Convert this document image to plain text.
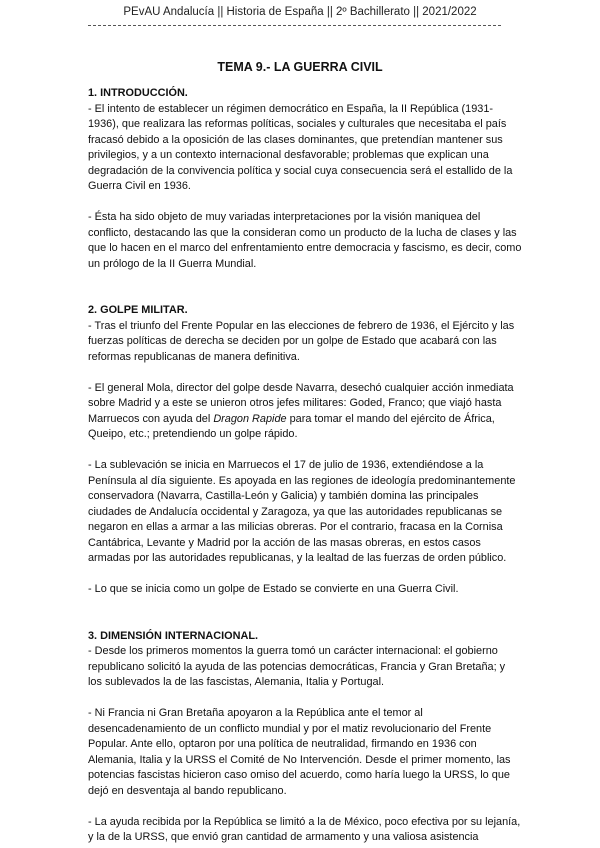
PEvAU Andalucía || Historia de España || 2º Bachillerato || 2021/2022
TEMA 9.- LA GUERRA CIVIL
1. INTRODUCCIÓN.

- El intento de establecer un régimen democrático en España, la II República (1931-1936), que realizara las reformas políticas, sociales y culturales que necesitaba el país fracasó debido a la oposición de las clases dominantes, que pretendían mantener sus privilegios, y a un contexto internacional desfavorable; problemas que explican una degradación de la convivencia política y social cuya consecuencia será el estallido de la Guerra Civil en 1936.

- Ésta ha sido objeto de muy variadas interpretaciones por la visión maniquea del conflicto, destacando las que la consideran como un producto de la lucha de clases y las que lo hacen en el marco del enfrentamiento entre democracia y fascismo, es decir, como un prólogo de la II Guerra Mundial.

2. GOLPE MILITAR.

- Tras el triunfo del Frente Popular en las elecciones de febrero de 1936, el Ejército y las fuerzas políticas de derecha se deciden por un golpe de Estado que acabará con las reformas republicanas de manera definitiva.

- El general Mola, director del golpe desde Navarra, desechó cualquier acción inmediata sobre Madrid y a este se unieron otros jefes militares: Goded, Franco; que viajó hasta Marruecos con ayuda del Dragon Rapide para tomar el mando del ejército de África, Queipo, etc.; pretendiendo un golpe rápido.

- La sublevación se inicia en Marruecos el 17 de julio de 1936, extendiéndose a la Península al día siguiente. Es apoyada en las regiones de ideología predominantemente conservadora (Navarra, Castilla-León y Galicia) y también domina las principales ciudades de Andalucía occidental y Zaragoza, ya que las autoridades republicanas se negaron en ellas a armar a las milicias obreras. Por el contrario, fracasa en la Cornisa Cantábrica, Levante y Madrid por la acción de las masas obreras, en estos casos armadas por las autoridades republicanas, y la lealtad de las fuerzas de orden público.

- Lo que se inicia como un golpe de Estado se convierte en una Guerra Civil.

3. DIMENSIÓN INTERNACIONAL.

- Desde los primeros momentos la guerra tomó un carácter internacional: el gobierno republicano solicitó la ayuda de las potencias democráticas, Francia y Gran Bretaña; y los sublevados la de las fascistas, Alemania, Italia y Portugal.

- Ni Francia ni Gran Bretaña apoyaron a la República ante el temor al desencadenamiento de un conflicto mundial y por el matiz revolucionario del Frente Popular. Ante ello, optaron por una política de neutralidad, firmando en 1936 con Alemania, Italia y la URSS el Comité de No Intervención. Desde el primer momento, las potencias fascistas hicieron caso omiso del acuerdo, como haría luego la URSS, lo que dejó en desventaja al bando republicano.

- La ayuda recibida por la República se limitó a la de México, poco efectiva por su lejanía, y la de la URSS, que envió gran cantidad de armamento y una valiosa asistencia
